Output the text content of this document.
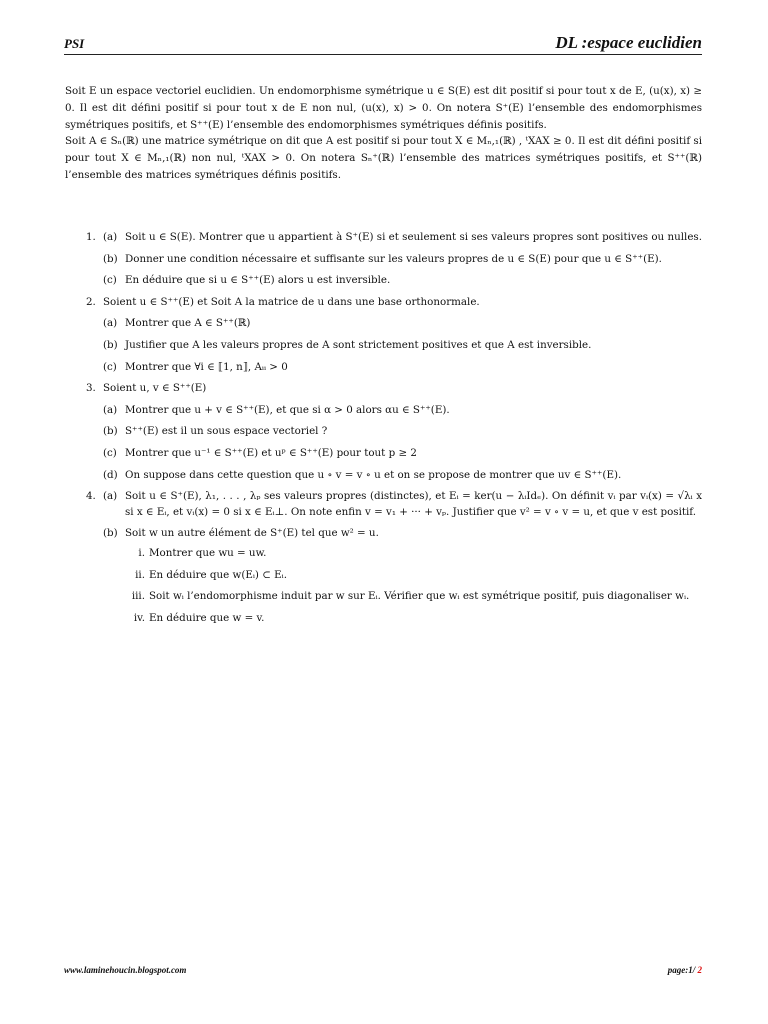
PSI	DL :espace euclidien

Soit E un espace vectoriel euclidien. Un endomorphisme symétrique u ∈ S(E) est dit positif si pour tout x de E, (u(x), x) ≥ 0. Il est dit défini positif si pour tout x de E non nul, (u(x), x) > 0. On notera S⁺(E) l’ensemble des endomorphismes symétriques positifs, et S⁺⁺(E) l’ensemble des endomorphismes symétriques définis positifs.

Soit A ∈ Sₙ(ℝ) une matrice symétrique on dit que A est positif si pour tout X ∈ Mₙ,₁(ℝ) , ᵗXAX ≥ 0. Il est dit défini positif si pour tout X ∈ Mₙ,₁(ℝ) non nul, ᵗXAX > 0. On notera Sₙ⁺(ℝ) l’ensemble des matrices symétriques positifs, et S⁺⁺(ℝ) l’ensemble des matrices symétriques définis positifs.

1. (a) Soit u ∈ S(E). Montrer que u appartient à S⁺(E) si et seulement si ses valeurs propres sont positives ou nulles.
(b) Donner une condition nécessaire et suffisante sur les valeurs propres de u ∈ S(E) pour que u ∈ S⁺⁺(E).
(c) En déduire que si u ∈ S⁺⁺(E) alors u est inversible.
2. Soient u ∈ S⁺⁺(E) et Soit A la matrice de u dans une base orthonormale.
(a) Montrer que A ∈ S⁺⁺(ℝ)
(b) Justifier que A les valeurs propres de A sont strictement positives et que A est inversible.
(c) Montrer que ∀i ∈ ⟦1, n⟧, Aᵢᵢ > 0
3. Soient u, v ∈ S⁺⁺(E)
(a) Montrer que u + v ∈ S⁺⁺(E), et que si α > 0 alors αu ∈ S⁺⁺(E).
(b) S⁺⁺(E) est il un sous espace vectoriel ?
(c) Montrer que u⁻¹ ∈ S⁺⁺(E) et uᵖ ∈ S⁺⁺(E) pour tout p ≥ 2
(d) On suppose dans cette question que u ∘ v = v ∘ u et on se propose de montrer que uv ∈ S⁺⁺(E).
4. (a) Soit u ∈ S⁺(E), λ₁, . . . , λₚ ses valeurs propres (distinctes), et Eᵢ = ker(u − λᵢIdₑ). On définit vᵢ par vᵢ(x) = √λᵢ x si x ∈ Eᵢ, et vᵢ(x) = 0 si x ∈ Eᵢ⊥. On note enfin v = v₁ + ··· + vₚ. Justifier que v² = v ∘ v = u, et que v est positif.
(b) Soit w un autre élément de S⁺(E) tel que w² = u.
i. Montrer que wu = uw.
ii. En déduire que w(Eᵢ) ⊂ Eᵢ.
iii. Soit wᵢ l’endomorphisme induit par w sur Eᵢ. Vérifier que wᵢ est symétrique positif, puis diagonaliser wᵢ.
iv. En déduire que w = v.
www.laminehoucin.blogspot.com	page:1/ 2
